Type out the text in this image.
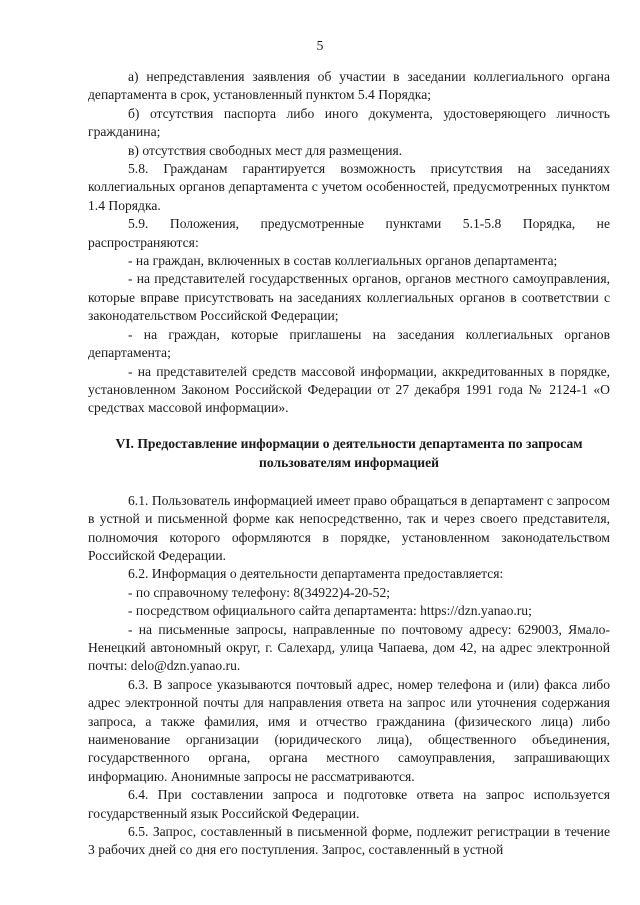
5

а) непредставления заявления об участии в заседании коллегиального органа департамента в срок, установленный пунктом 5.4 Порядка;

б) отсутствия паспорта либо иного документа, удостоверяющего личность гражданина;

в) отсутствия свободных мест для размещения.

5.8. Гражданам гарантируется возможность присутствия на заседаниях коллегиальных органов департамента с учетом особенностей, предусмотренных пунктом 1.4 Порядка.

5.9. Положения, предусмотренные пунктами 5.1-5.8 Порядка, не распространяются:

- на граждан, включенных в состав коллегиальных органов департамента;

- на представителей государственных органов, органов местного самоуправления, которые вправе присутствовать на заседаниях коллегиальных органов в соответствии с законодательством Российской Федерации;

- на граждан, которые приглашены на заседания коллегиальных органов департамента;

- на представителей средств массовой информации, аккредитованных в порядке, установленном Законом Российской Федерации от 27 декабря 1991 года № 2124-1 «О средствах массовой информации».

VI. Предоставление информации о деятельности департамента по запросам пользователям информацией

6.1. Пользователь информацией имеет право обращаться в департамент с запросом в устной и письменной форме как непосредственно, так и через своего представителя, полномочия которого оформляются в порядке, установленном законодательством Российской Федерации.

6.2. Информация о деятельности департамента предоставляется:

- по справочному телефону: 8(34922)4-20-52;

- посредством официального сайта департамента: https://dzn.yanao.ru;

- на письменные запросы, направленные по почтовому адресу: 629003, Ямало-Ненецкий автономный округ, г. Салехард, улица Чапаева, дом 42, на адрес электронной почты: delo@dzn.yanao.ru.

6.3. В запросе указываются почтовый адрес, номер телефона и (или) факса либо адрес электронной почты для направления ответа на запрос или уточнения содержания запроса, а также фамилия, имя и отчество гражданина (физического лица) либо наименование организации (юридического лица), общественного объединения, государственного органа, органа местного самоуправления, запрашивающих информацию. Анонимные запросы не рассматриваются.

6.4. При составлении запроса и подготовке ответа на запрос используется государственный язык Российской Федерации.

6.5. Запрос, составленный в письменной форме, подлежит регистрации в течение 3 рабочих дней со дня его поступления. Запрос, составленный в устной
